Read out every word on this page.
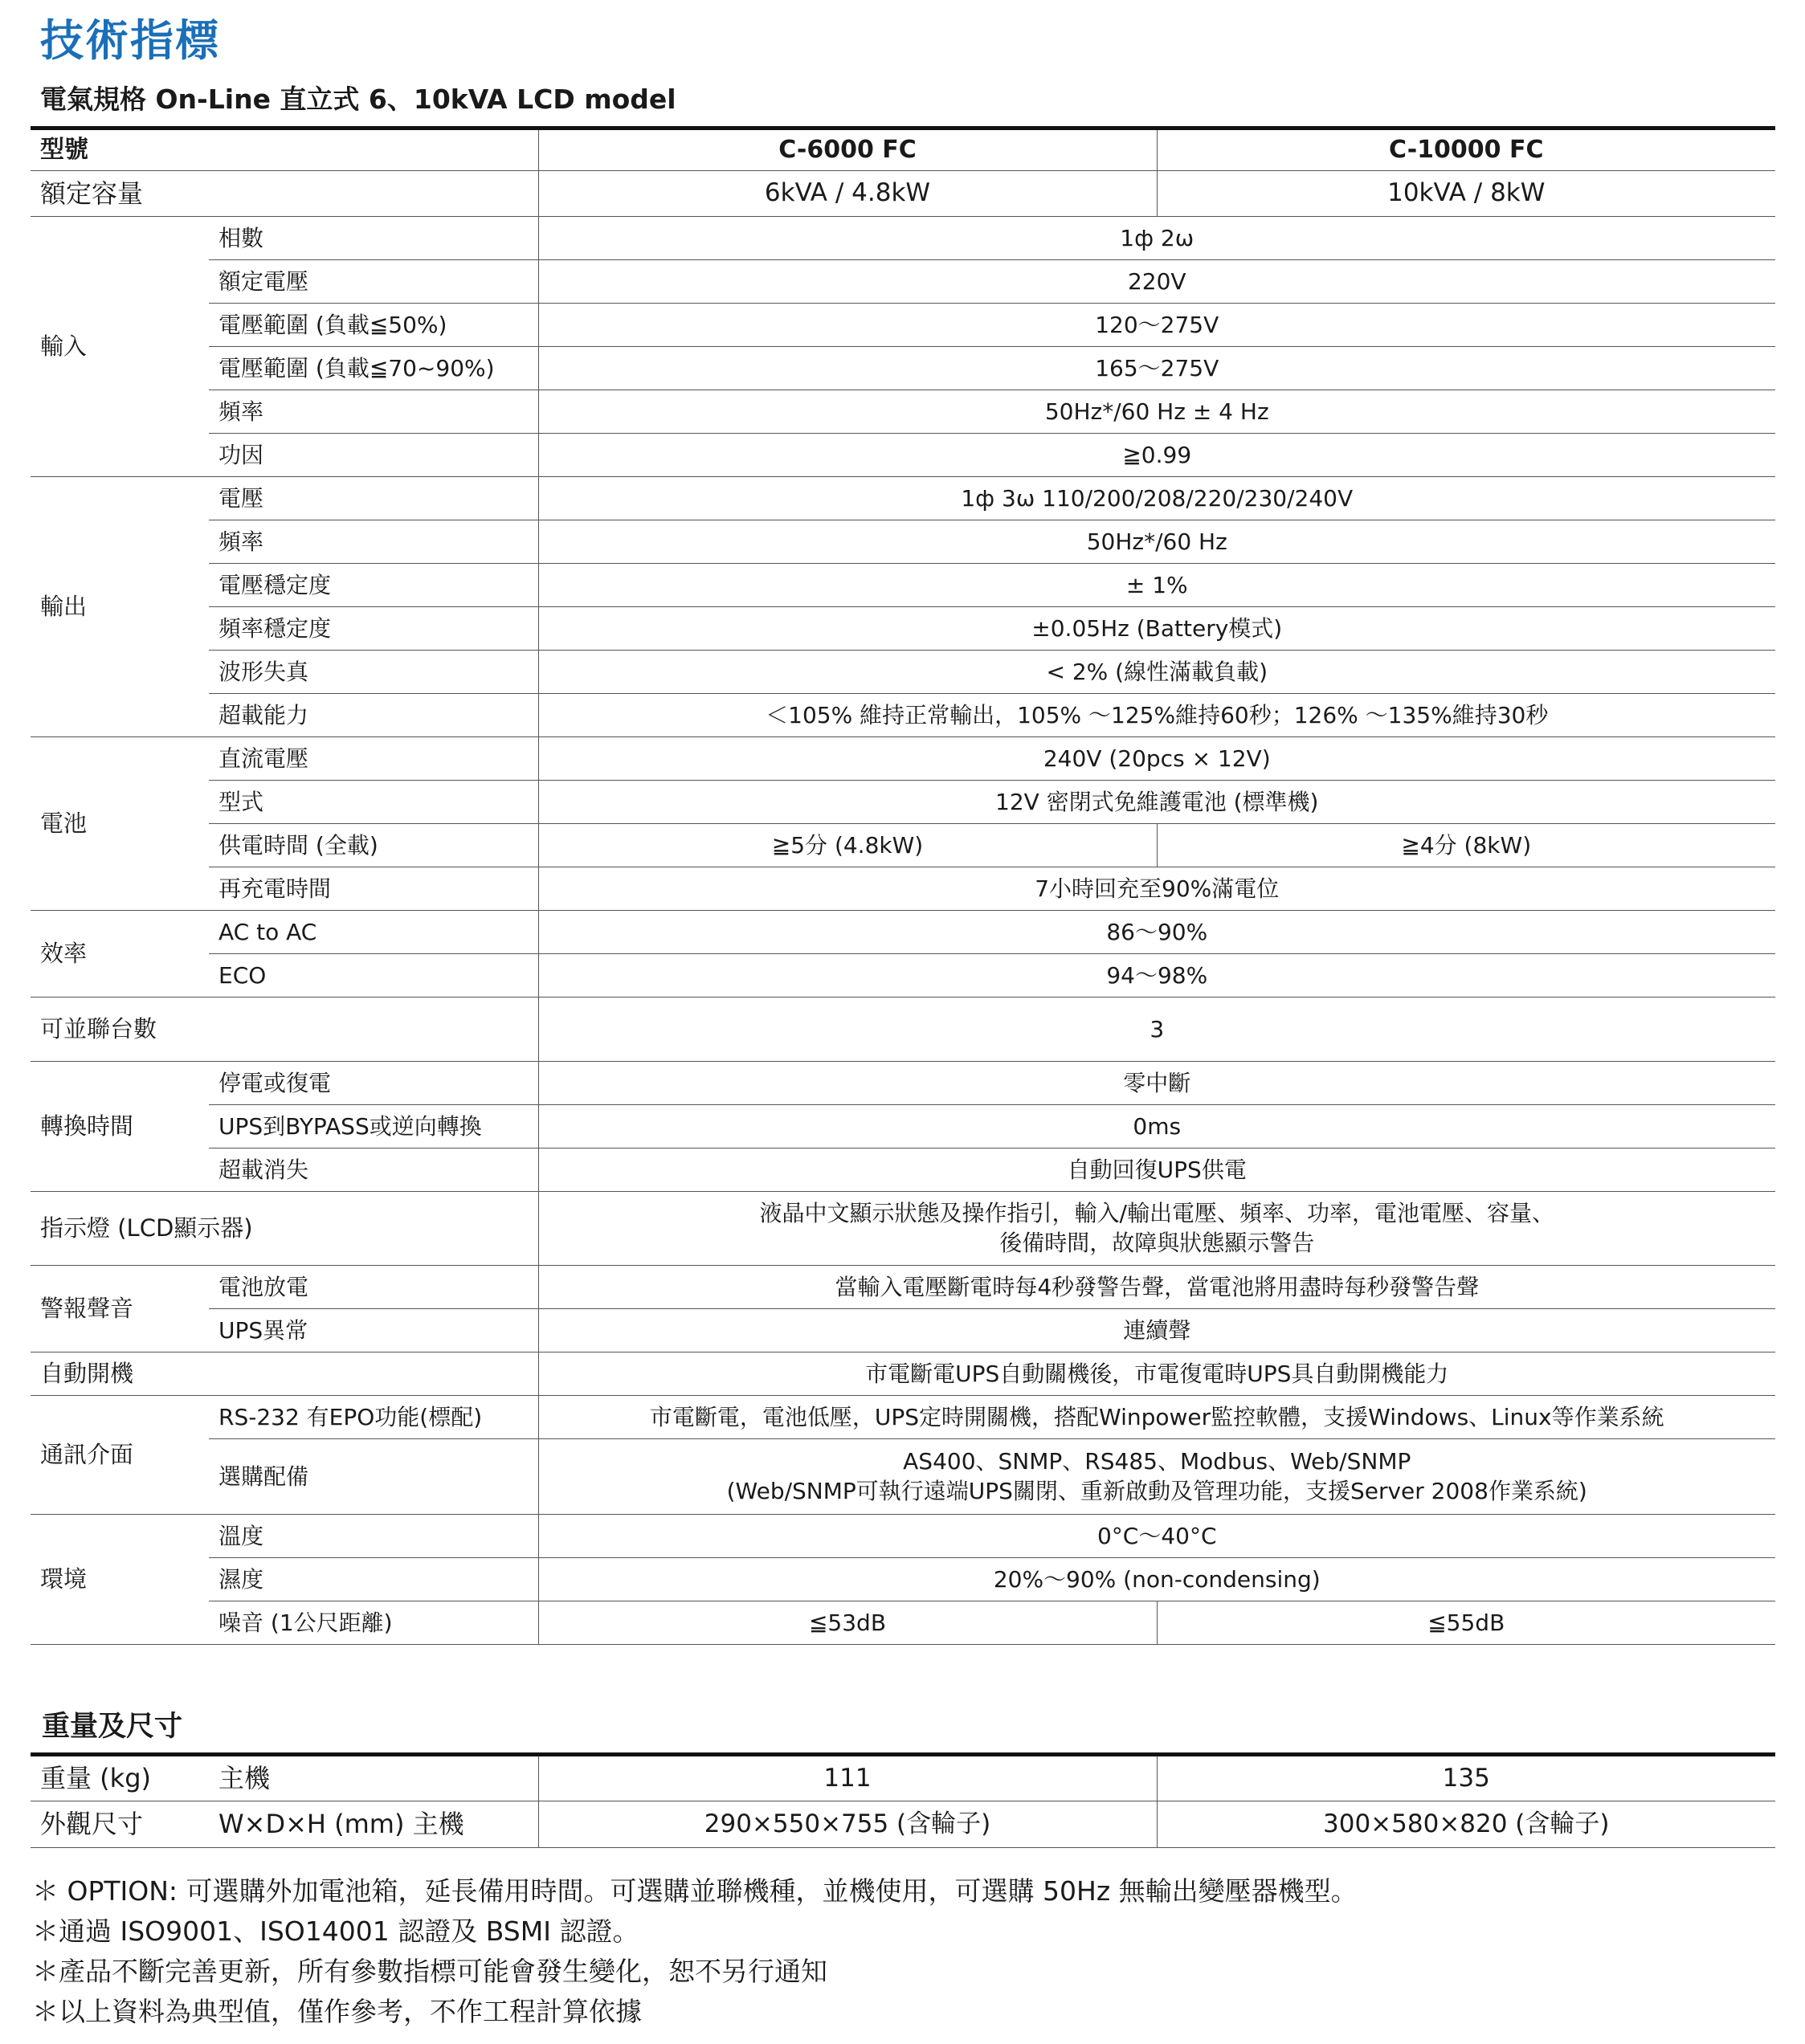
技術指標
電氣規格 On-Line 直立式 6、10kVA LCD model
型號		C-6000 FC	C-10000 FC
額定容量		6kVA / 4.8kW	10kVA / 8kW
輸入	相數	1ф 2ω	
	額定電壓	220V	
	電壓範圍 (負載≦50%)	120～275V	
	電壓範圍 (負載≦70~90%)	165～275V	
	頻率	50Hz*/60 Hz ± 4 Hz	
	功因	≧0.99	
輸出	電壓	1ф 3ω 110/200/208/220/230/240V	
	頻率	50Hz*/60 Hz	
	電壓穩定度	± 1%	
	頻率穩定度	±0.05Hz (Battery模式)	
	波形失真	< 2% (線性滿載負載)	
	超載能力	＜105% 維持正常輸出，105% ～125%維持60秒；126% ～135%維持30秒	
電池	直流電壓	240V (20pcs × 12V)	
	型式	12V 密閉式免維護電池 (標準機)	
	供電時間 (全載)	≧5分 (4.8kW)	≧4分 (8kW)
	再充電時間	7小時回充至90%滿電位	
效率	AC to AC	86～90%	
	ECO	94～98%	
可並聯台數		3	
轉換時間	停電或復電	零中斷	
	UPS到BYPASS或逆向轉換	0ms	
	超載消失	自動回復UPS供電	
指示燈 (LCD顯示器)		液晶中文顯示狀態及操作指引，輸入/輸出電壓、頻率、功率，電池電壓、容量、
後備時間，故障與狀態顯示警告	

警報聲音	電池放電	當輸入電壓斷電時每4秒發警告聲，當電池將用盡時每秒發警告聲	
	UPS異常	連續聲	
自動開機		市電斷電UPS自動關機後，市電復電時UPS具自動開機能力	
通訊介面	RS-232 有EPO功能(標配)	市電斷電，電池低壓，UPS定時開關機，搭配Winpower監控軟體，支援Windows、Linux等作業系統	
	選購配備	AS400、SNMP、RS485、Modbus、Web/SNMP
(Web/SNMP可執行遠端UPS關閉、重新啟動及管理功能，支援Server 2008作業系統)	

環境	溫度	0°C～40°C	
	濕度	20%～90% (non-condensing)	
	噪音 (1公尺距離)	≦53dB	≦55dB
重量及尺寸
重量 (kg)	主機	111	135
外觀尺寸	W×D×H (mm) 主機	290×550×755 (含輪子)	300×580×820 (含輪子)
＊ OPTION: 可選購外加電池箱，延長備用時間。可選購並聯機種，並機使用，可選購 50Hz 無輸出變壓器機型。
＊通過 ISO9001、ISO14001 認證及 BSMI 認證。
＊產品不斷完善更新，所有參數指標可能會發生變化，恕不另行通知
＊以上資料為典型值，僅作參考，不作工程計算依據
